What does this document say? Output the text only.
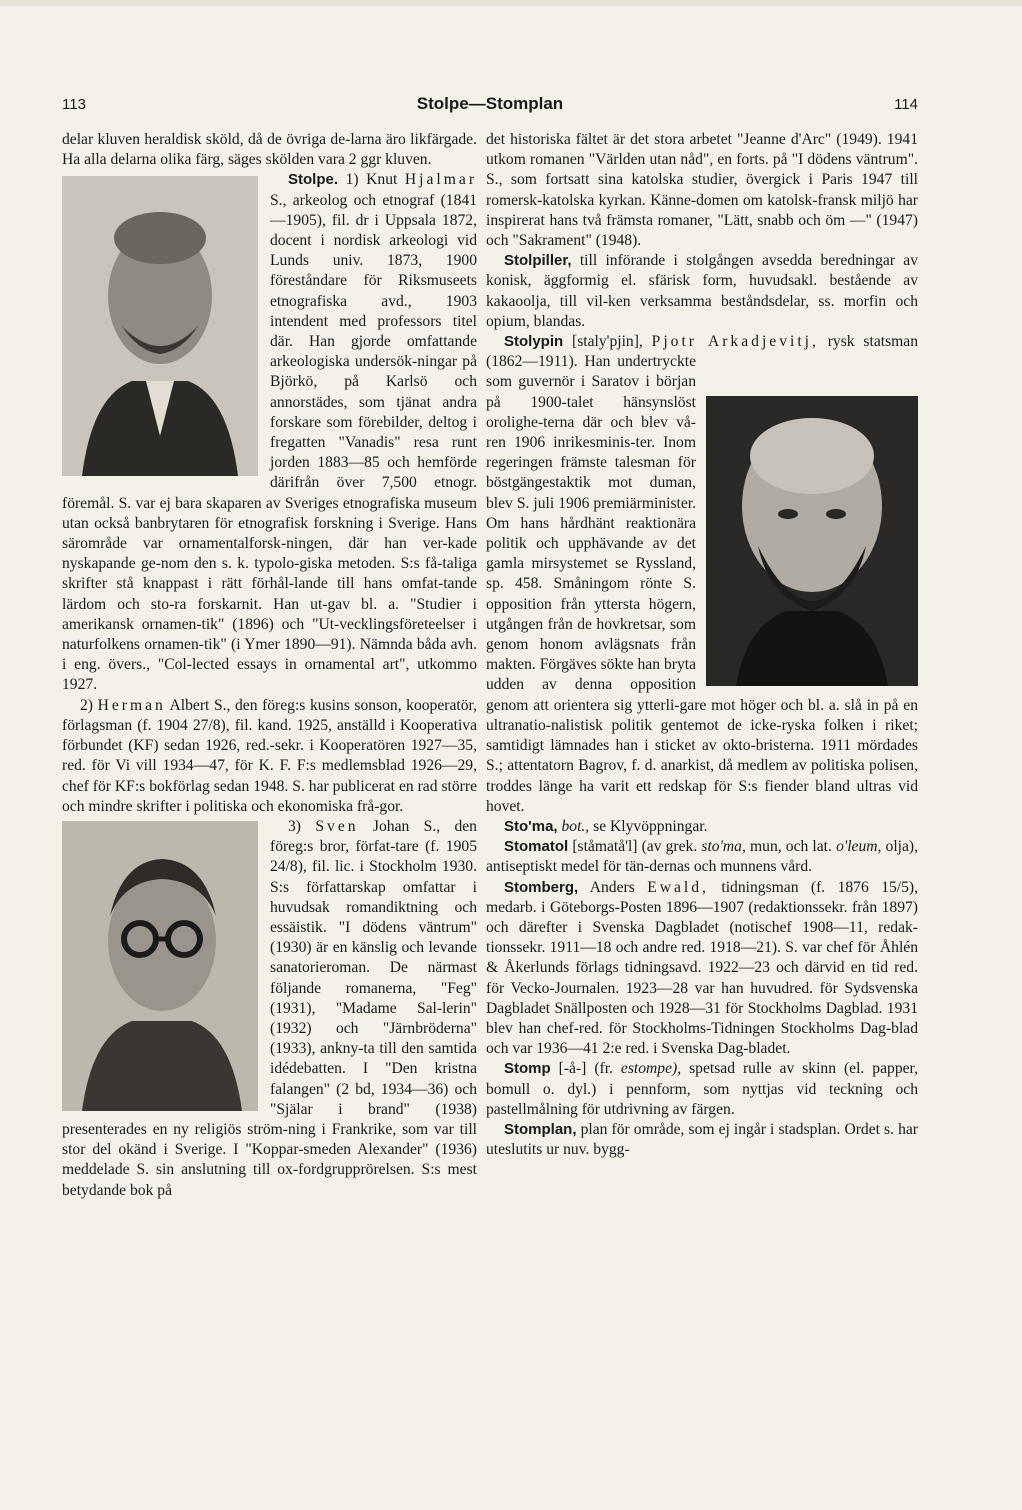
113	Stolpe—Stomplan	114

delar kluven heraldisk sköld, då de övriga de-larna äro likfärgade. Ha alla delarna olika färg, säges skölden vara 2 ggr kluven.

Stolpe. 1) Knut Hjalmar
S., arkeolog och etnograf (1841—1905), fil. dr i Uppsala 1872, docent i nordisk arkeologi vid Lunds univ. 1873, 1900 föreståndare för Riksmuseets etnografiska avd., 1903 intendent med professors titel där. Han gjorde omfattande arkeologiska undersök-ningar på Björkö, på Karlsö och annorstädes, som tjänat andra forskare som förebilder, deltog i fregatten "Vanadis" resa runt jorden 1883—85 och hemförde därifrån över 7,500 etnogr. föremål. S. var ej bara skaparen av Sveriges etnografiska museum utan också banbrytaren för etnografisk forskning i Sverige. Hans särområde var ornamentalforsk-ningen, där han ver-kade nyskapande ge-nom den s. k. typolo-giska metoden. S:s få-taliga skrifter stå knappast i rätt förhål-lande till hans omfat-tande lärdom och sto-ra forskarnit. Han ut-gav bl. a. "Studier i amerikansk ornamen-tik" (1896) och "Ut-vecklingsföreteelser i naturfolkens ornamen-tik" (i Ymer 1890—91). Nämnda båda avh. i eng. övers., "Col-lected essays in ornamental art", utkommo 1927.

2) Herman Albert S., den föreg:s kusins sonson, kooperatör, förlagsman (f. 1904 27/8), fil. kand. 1925, anställd i Kooperativa förbundet (KF) sedan 1926, red.-sekr. i Kooperatören 1927—35, red. för Vi vill 1934—47, för K. F. F:s medlemsblad 1926—29, chef för KF:s bokförlag sedan 1948. S. har publicerat en rad större och mindre skrifter i politiska och ekonomiska frå-gor.

3) Sven Johan S., den föreg:s bror, förfat-tare (f. 1905 24/8), fil. lic. i Stockholm 1930. S:s författarskap omfattar i huvudsak romandiktning och essäistik. "I dödens väntrum" (1930) är en känslig och levande sanatorieroman. De närmast följande romanerna, "Feg" (1931), "Madame Sal-lerin" (1932) och "Järnbröderna" (1933), ankny-ta till den samtida idédebatten. I "Den kristna falangen" (2 bd, 1934—36) och "Själar i brand" (1938) presenterades en ny religiös ström-ning i Frankrike, som var till stor del okänd i Sverige. I "Koppar-smeden Alexander" (1936) meddelade S. sin anslutning till ox-fordgrupprörelsen. S:s mest betydande bok på

det historiska fältet är det stora arbetet "Jeanne d'Arc" (1949). 1941 utkom romanen "Världen utan nåd", en forts. på "I dödens väntrum". S., som fortsatt sina katolska studier, övergick i Paris 1947 till romersk-katolska kyrkan. Känne-domen om katolsk-fransk miljö har inspirerat hans två främsta romaner, "Lätt, snabb och öm —" (1947) och "Sakrament" (1948).

Stolpiller, till införande i stolgången avsedda beredningar av konisk, äggformig el. sfärisk form, huvudsakl. bestående av kakaoolja, till vil-ken verksamma beståndsdelar, ss. morfin och opium, blandas.

Stolypin [staly'pjin], Pjotr Arkadjevitj, rysk statsman (1862—1911). Han undertryckte som guvernör i Saratov i början på 1900-talet hänsynslöst orolighe-terna där och blev vå-ren 1906 inrikesminis-ter. Inom regeringen främste talesman för böstgängestaktik mot duman, blev S. juli 1906 premiärminister. Om hans hårdhänt reaktionära politik och upphävande av det gamla mirsystemet se Ryssland, sp. 458. Småningom rönte S. opposition från yttersta högern, utgången från de hovkretsar, som genom honom avlägsnats från makten. Förgäves sökte han bryta udden av denna opposition genom att orientera sig ytterli-gare mot höger och bl. a. slå in på en ultranatio-nalistisk politik gentemot de icke-ryska folken i riket; samtidigt lämnades han i sticket av okto-bristerna. 1911 mördades S.; attentatorn Bagrov, f. d. anarkist, då medlem av politiska polisen, troddes länge ha varit ett redskap för S:s fiender bland ultras vid hovet.

Sto'ma, bot., se Klyvöppningar.

Stomatol [ståmatå'l] (av grek. sto'ma, mun, och lat. o'leum, olja), antiseptiskt medel för tän-dernas och munnens vård.

Stomberg, Anders Ewald, tidningsman (f. 1876 15/5), medarb. i Göteborgs-Posten 1896—1907 (redaktionssekr. från 1897) och därefter i Svenska Dagbladet (notischef 1908—11, redak-tionssekr. 1911—18 och andre red. 1918—21). S. var chef för Åhlén & Åkerlunds förlags tidningsavd. 1922—23 och därvid en tid red. för Vecko-Journalen. 1923—28 var han huvudred. för Sydsvenska Dagbladet Snällposten och 1928—31 för Stockholms Dagblad. 1931 blev han chef-red. för Stockholms-Tidningen Stockholms Dag-blad och var 1936—41 2:e red. i Svenska Dag-bladet.

Stomp [-å-] (fr. estompe), spetsad rulle av skinn (el. papper, bomull o. dyl.) i pennform, som nyttjas vid teckning och pastellmålning för utdrivning av färgen.

Stomplan, plan för område, som ej ingår i stadsplan. Ordet s. har uteslutits ur nuv. bygg-
